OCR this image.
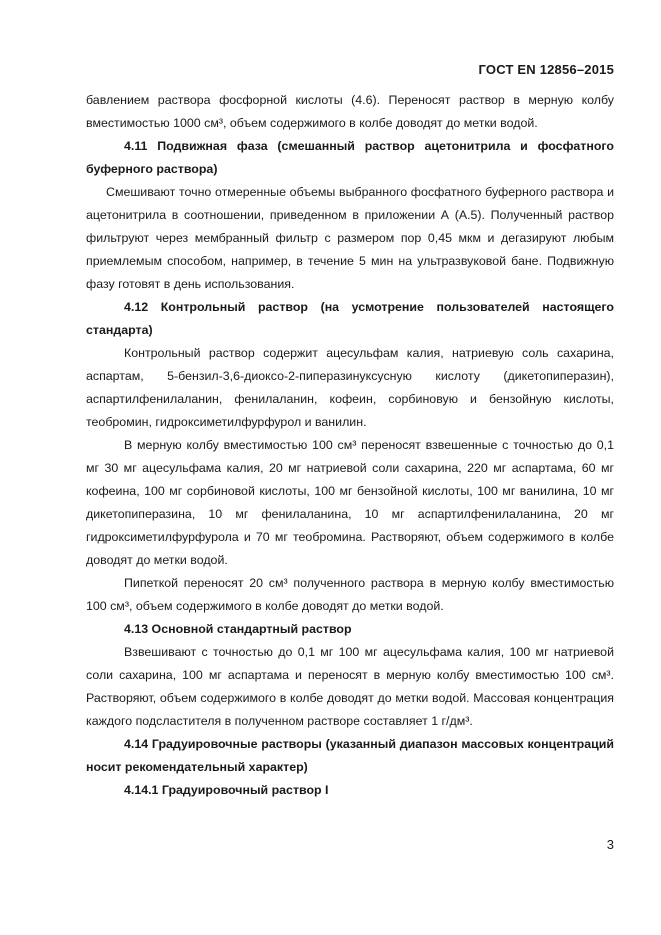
ГОСТ EN 12856–2015

бавлением раствора фосфорной кислоты (4.6). Переносят раствор в мерную колбу вместимостью 1000 см³, объем содержимого в колбе доводят до метки водой.

4.11 Подвижная фаза (смешанный раствор ацетонитрила и фосфатного буферного раствора)

Смешивают точно отмеренные объемы выбранного фосфатного буферного раствора и ацетонитрила в соотношении, приведенном в приложении А (А.5). Полученный раствор фильтруют через мембранный фильтр с размером пор 0,45 мкм и дегазируют любым приемлемым способом, например, в течение 5 мин на ультразвуковой бане. Подвижную фазу готовят в день использования.

4.12 Контрольный раствор (на усмотрение пользователей настоящего стандарта)

Контрольный раствор содержит ацесульфам калия, натриевую соль сахарина, аспартам, 5-бензил-3,6-диоксо-2-пиперазинуксусную кислоту (дикетопиперазин), аспартилфенилаланин, фенилаланин, кофеин, сорбиновую и бензойную кислоты, теобромин, гидроксиметилфурфурол и ванилин.

В мерную колбу вместимостью 100 см³ переносят взвешенные с точностью до 0,1 мг 30 мг ацесульфама калия, 20 мг натриевой соли сахарина, 220 мг аспартама, 60 мг кофеина, 100 мг сорбиновой кислоты, 100 мг бензойной кислоты, 100 мг ванилина, 10 мг дикетопиперазина, 10 мг фенилаланина, 10 мг аспартилфенилаланина, 20 мг гидроксиметилфурфурола и 70 мг теобромина. Растворяют, объем содержимого в колбе доводят до метки водой.

Пипеткой переносят 20 см³ полученного раствора в мерную колбу вместимостью 100 см³, объем содержимого в колбе доводят до метки водой.

4.13 Основной стандартный раствор

Взвешивают с точностью до 0,1 мг 100 мг ацесульфама калия, 100 мг натриевой соли сахарина, 100 мг аспартама и переносят в мерную колбу вместимостью 100 см³. Растворяют, объем содержимого в колбе доводят до метки водой. Массовая концентрация каждого подсластителя в полученном растворе составляет 1 г/дм³.

4.14 Градуировочные растворы (указанный диапазон массовых концентраций носит рекомендательный характер)

4.14.1 Градуировочный раствор I

3
